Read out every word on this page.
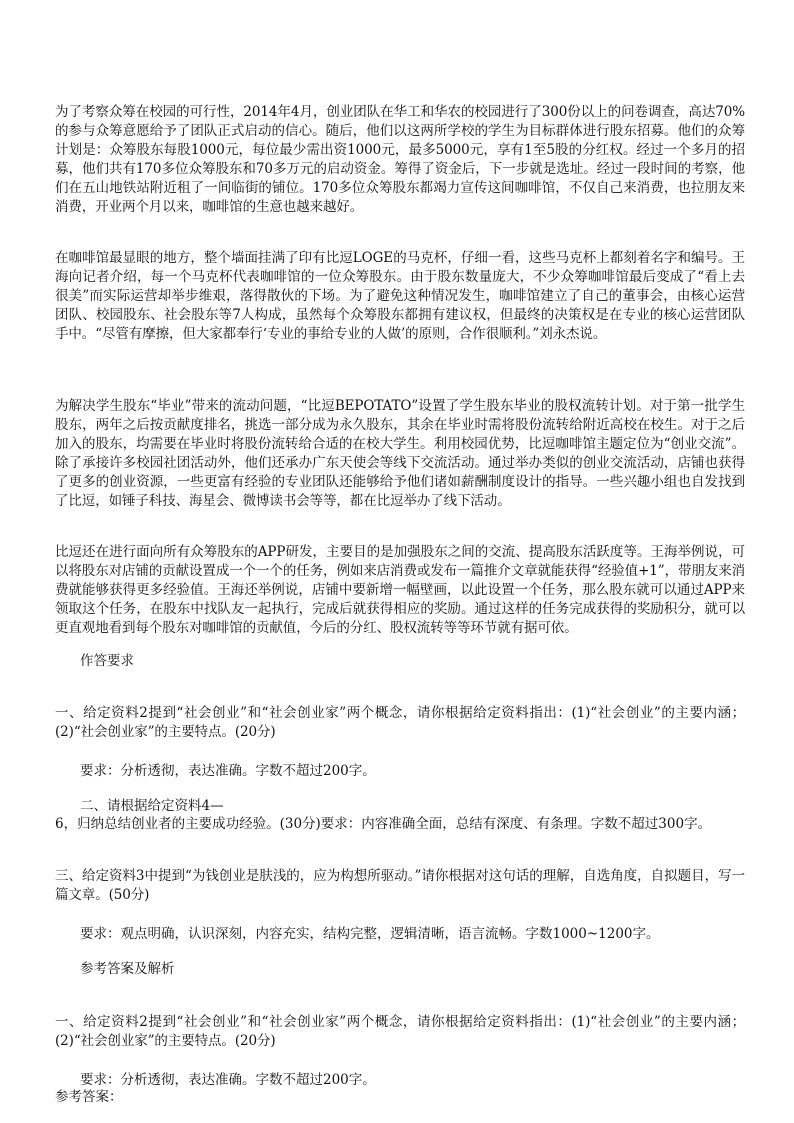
为了考察众筹在校园的可行性，2014年4月，创业团队在华工和华农的校园进行了300份以上的问卷调查，高达70%的参与众筹意愿给予了团队正式启动的信心。随后，他们以这两所学校的学生为目标群体进行股东招募。他们的众筹计划是：众筹股东每股1000元，每位最少需出资1000元，最多5000元，享有1至5股的分红权。经过一个多月的招募，他们共有170多位众筹股东和70多万元的启动资金。筹得了资金后，下一步就是选址。经过一段时间的考察，他们在五山地铁站附近租了一间临街的铺位。170多位众筹股东都竭力宣传这间咖啡馆，不仅自己来消费，也拉朋友来消费，开业两个月以来，咖啡馆的生意也越来越好。

在咖啡馆最显眼的地方，整个墙面挂满了印有比逗LOGE的马克杯，仔细一看，这些马克杯上都刻着名字和编号。王海向记者介绍，每一个马克杯代表咖啡馆的一位众筹股东。由于股东数量庞大，不少众筹咖啡馆最后变成了“看上去很美”而实际运营却举步维艰，落得散伙的下场。为了避免这种情况发生，咖啡馆建立了自己的董事会，由核心运营团队、校园股东、社会股东等7人构成，虽然每个众筹股东都拥有建议权，但最终的决策权是在专业的核心运营团队手中。“尽管有摩擦，但大家都奉行‘专业的事给专业的人做’的原则，合作很顺利。”刘永杰说。

为解决学生股东“毕业”带来的流动问题，“比逗BEPOTATO”设置了学生股东毕业的股权流转计划。对于第一批学生股东，两年之后按贡献度排名，挑选一部分成为永久股东，其余在毕业时需将股份流转给附近高校在校生。对于之后加入的股东，均需要在毕业时将股份流转给合适的在校大学生。利用校园优势，比逗咖啡馆主题定位为“创业交流”。除了承接许多校园社团活动外，他们还承办广东天使会等线下交流活动。通过举办类似的创业交流活动，店铺也获得了更多的创业资源，一些更富有经验的专业团队还能够给予他们诸如薪酬制度设计的指导。一些兴趣小组也自发找到了比逗，如锤子科技、海星会、微博读书会等等，都在比逗举办了线下活动。

比逗还在进行面向所有众筹股东的APP研发，主要目的是加强股东之间的交流、提高股东活跃度等。王海举例说，可以将股东对店铺的贡献设置成一个一个的任务，例如来店消费或发布一篇推介文章就能获得“经验值+1”，带朋友来消费就能够获得更多经验值。王海还举例说，店铺中要新增一幅壁画，以此设置一个任务，那么股东就可以通过APP来领取这个任务，在股东中找队友一起执行，完成后就获得相应的奖励。通过这样的任务完成获得的奖励积分，就可以更直观地看到每个股东对咖啡馆的贡献值，今后的分红、股权流转等等环节就有据可依。

作答要求

一、给定资料2提到“社会创业”和“社会创业家”两个概念，请你根据给定资料指出：(1)“社会创业”的主要内涵；(2)“社会创业家”的主要特点。(20分)

要求：分析透彻，表达准确。字数不超过200字。

二、请根据给定资料4—

6，归纳总结创业者的主要成功经验。(30分)要求：内容准确全面，总结有深度、有条理。字数不超过300字。

三、给定资料3中提到“为钱创业是肤浅的，应为构想所驱动。”请你根据对这句话的理解，自选角度，自拟题目，写一篇文章。(50分)

要求：观点明确，认识深刻，内容充实，结构完整，逻辑清晰，语言流畅。字数1000~1200字。

参考答案及解析

一、给定资料2提到“社会创业”和“社会创业家”两个概念，请你根据给定资料指出：(1)“社会创业”的主要内涵；(2)“社会创业家”的主要特点。(20分)

要求：分析透彻，表达准确。字数不超过200字。

参考答案：
